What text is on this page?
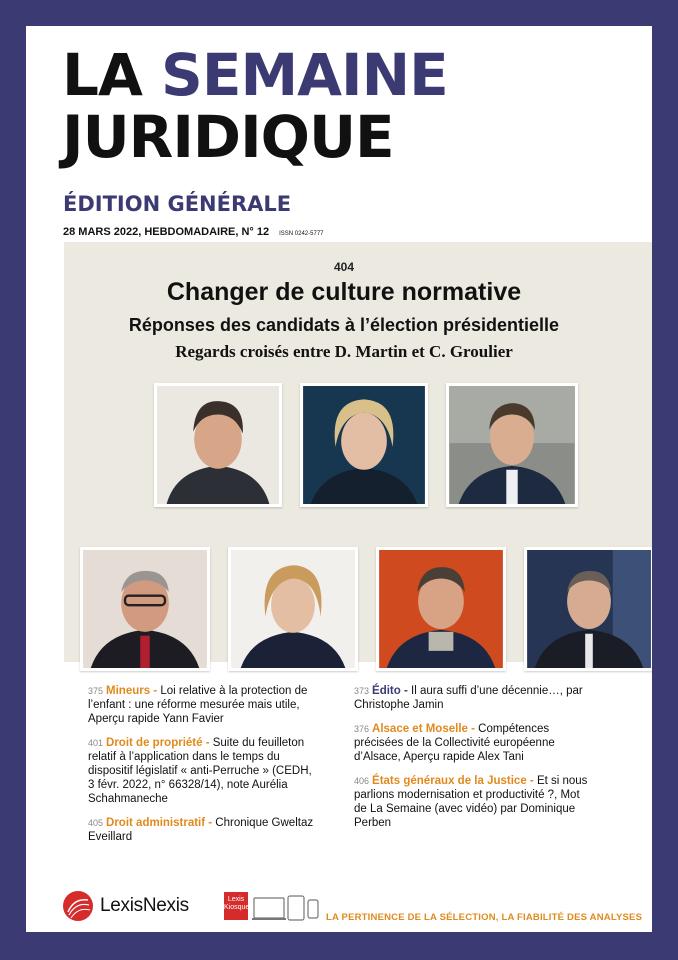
LA SEMAINE
JURIDIQUE
ÉDITION GÉNÉRALE
28 MARS 2022, HEBDOMADAIRE, N° 12 ISSN 0242-5777
404
Changer de culture normative
Réponses des candidats à l’élection présidentielle
Regards croisés entre D. Martin et C. Groulier
375 Mineurs - Loi relative à la protection de l’enfant : une réforme mesurée mais utile, Aperçu rapide Yann Favier
401 Droit de propriété - Suite du feuilleton relatif à l’application dans le temps du dispositif législatif « anti-Perruche » (CEDH, 3 févr. 2022, n° 66328/14), note Aurélia Schahmaneche
405 Droit administratif - Chronique Gweltaz Eveillard
373 Édito - Il aura suffi d’une décennie…, par Christophe Jamin
376 Alsace et Moselle - Compétences précisées de la Collectivité européenne d’Alsace, Aperçu rapide Alex Tani
406 États généraux de la Justice - Et si nous parlions modernisation et productivité ?, Mot de La Semaine (avec vidéo) par Dominique Perben
LexisNexis	Lexis
Kiosque
LA PERTINENCE DE LA SÉLECTION, LA FIABILITÉ DES ANALYSES
